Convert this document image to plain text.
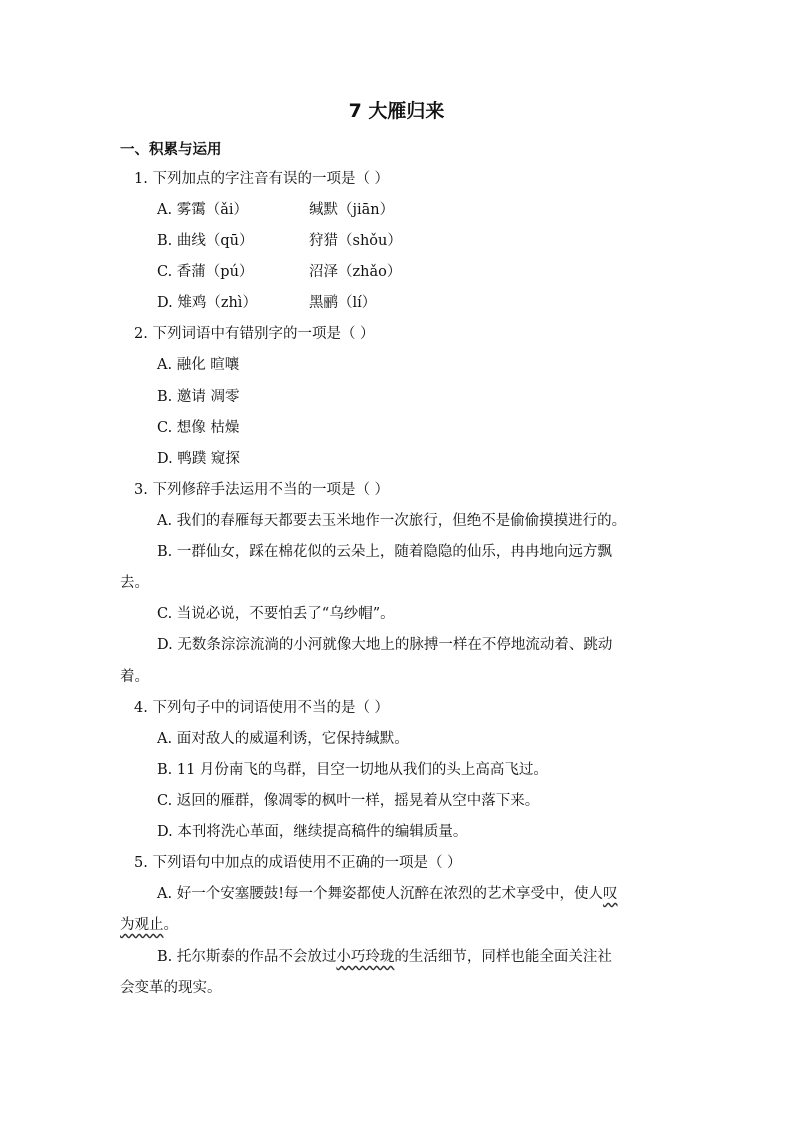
7 大雁归来
一、积累与运用
1. 下列加点的字注音有误的一项是（ ）
A. 雾霭（ǎi）	缄默（jiān）
B. 曲线（qū）	狩猎（shǒu）
C. 香蒲（pú）	沼泽（zhǎo）
D. 雉鸡（zhì）	黑鹂（lí）
2. 下列词语中有错别字的一项是（ ）
A. 融化 暄嚷
B. 邀请 凋零
C. 想像 枯燥
D. 鸭蹼 窥探
3. 下列修辞手法运用不当的一项是（ ）
A. 我们的春雁每天都要去玉米地作一次旅行，但绝不是偷偷摸摸进行的。
B. 一群仙女，踩在棉花似的云朵上，随着隐隐的仙乐，冉冉地向远方飘
去。
C. 当说必说，不要怕丢了“乌纱帽”。
D. 无数条淙淙流淌的小河就像大地上的脉搏一样在不停地流动着、跳动
着。
4. 下列句子中的词语使用不当的是（ ）
A. 面对敌人的威逼利诱，它保持缄默。
B. 11 月份南飞的鸟群，目空一切地从我们的头上高高飞过。
C. 返回的雁群，像凋零的枫叶一样，摇晃着从空中落下来。
D. 本刊将洗心革面，继续提高稿件的编辑质量。
5. 下列语句中加点的成语使用不正确的一项是（ ）
A. 好一个安塞腰鼓!每一个舞姿都使人沉醉在浓烈的艺术享受中，使人叹
为观止。
B. 托尔斯泰的作品不会放过小巧玲珑的生活细节，同样也能全面关注社
会变革的现实。
